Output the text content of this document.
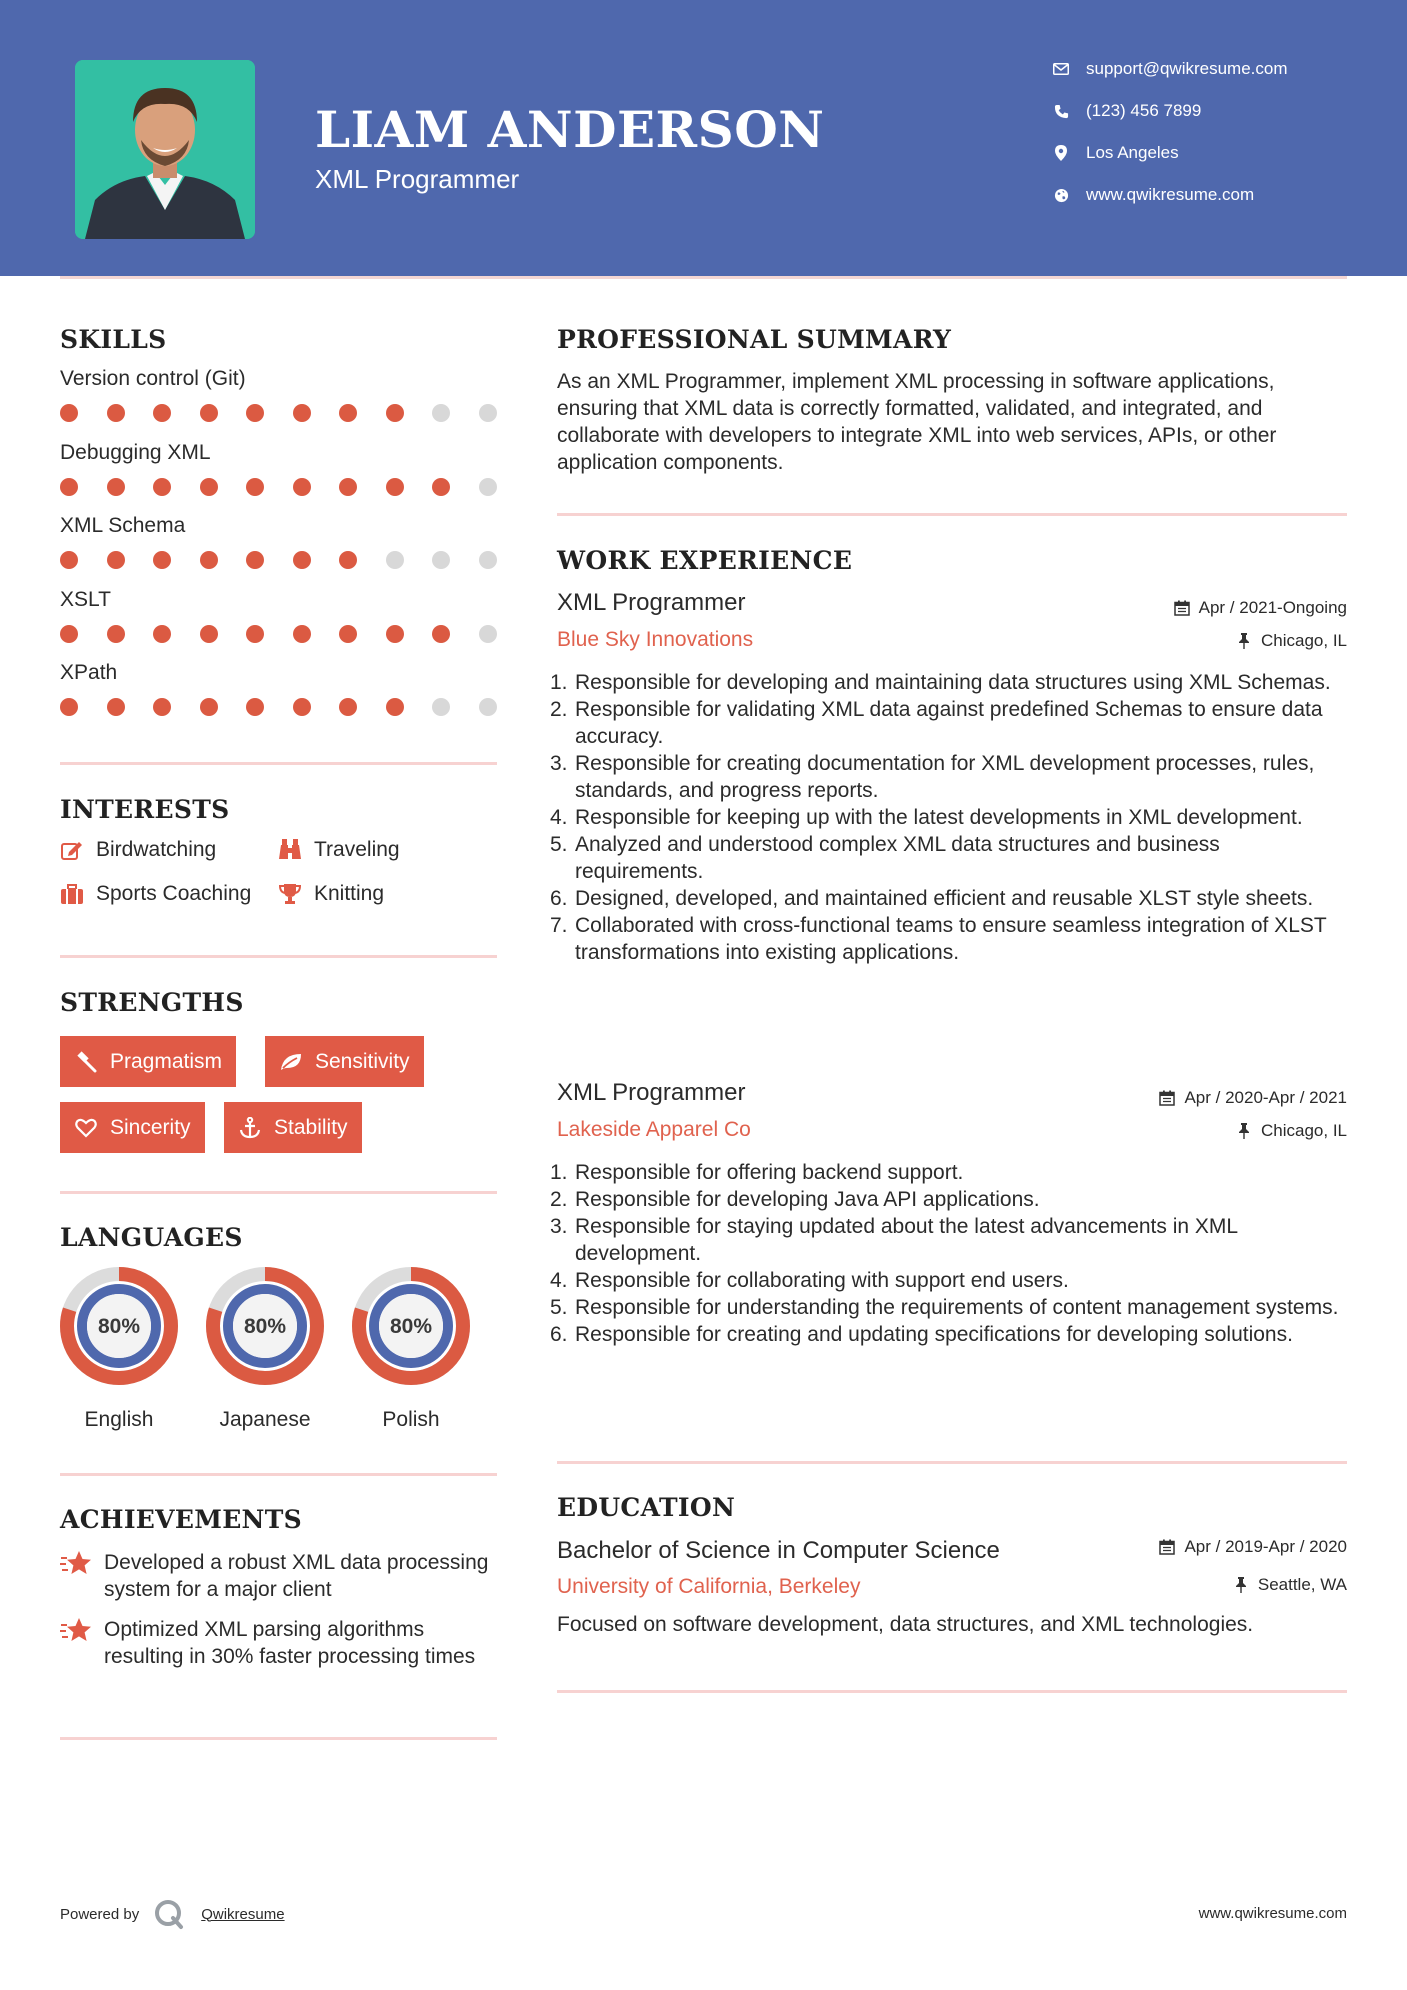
LIAM ANDERSON
XML Programmer
support@qwikresume.com
(123) 456 7899
Los Angeles
www.qwikresume.com
SKILLS
Version control (Git)
Debugging XML
XML Schema
XSLT
XPath
INTERESTS
Birdwatching	Traveling
Sports Coaching	Knitting
STRENGTHS
Pragmatism	Sensitivity
Sincerity	Stability
LANGUAGES
80%
English
80%
Japanese
80%
Polish
ACHIEVEMENTS
Developed a robust XML data processing system for a major client
Optimized XML parsing algorithms resulting in 30% faster processing times
PROFESSIONAL SUMMARY
As an XML Programmer, implement XML processing in software applications, ensuring that XML data is correctly formatted, validated, and integrated, and collaborate with developers to integrate XML into web services, APIs, or other application components.
WORK EXPERIENCE
XML Programmer	Apr / 2021-Ongoing
Blue Sky Innovations	Chicago, IL
1. Responsible for developing and maintaining data structures using XML Schemas.
2. Responsible for validating XML data against predefined Schemas to ensure data accuracy.
3. Responsible for creating documentation for XML development processes, rules, standards, and progress reports.
4. Responsible for keeping up with the latest developments in XML development.
5. Analyzed and understood complex XML data structures and business requirements.
6. Designed, developed, and maintained efficient and reusable XLST style sheets.
7. Collaborated with cross-functional teams to ensure seamless integration of XLST transformations into existing applications.
XML Programmer	Apr / 2020-Apr / 2021
Lakeside Apparel Co	Chicago, IL
1. Responsible for offering backend support.
2. Responsible for developing Java API applications.
3. Responsible for staying updated about the latest advancements in XML development.
4. Responsible for collaborating with support end users.
5. Responsible for understanding the requirements of content management systems.
6. Responsible for creating and updating specifications for developing solutions.
EDUCATION
Bachelor of Science in Computer Science	Apr / 2019-Apr / 2020
University of California, Berkeley	Seattle, WA
Focused on software development, data structures, and XML technologies.
Powered by	Qwikresume	www.qwikresume.com
